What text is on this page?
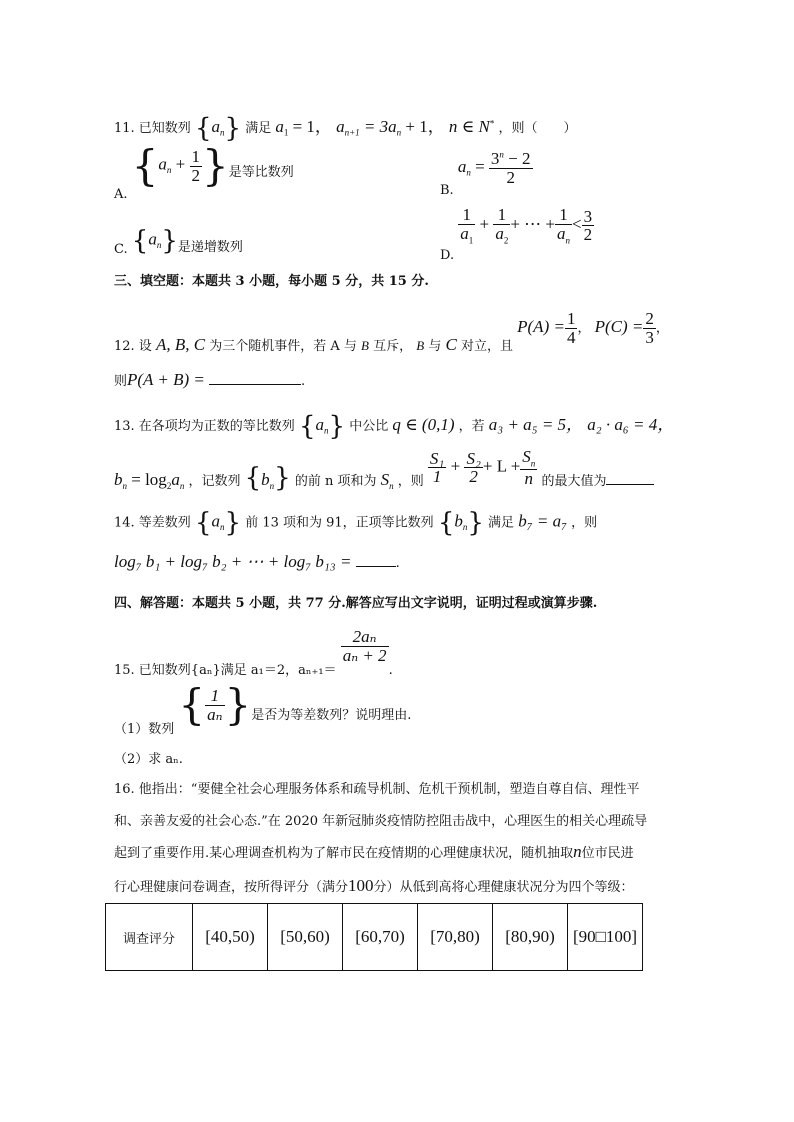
11. 已知数列 $\{a_n\}$ 满足 $a_1 = 1$， $a_{n+1} = 3a_n + 1$， n ∈ N* ，则（　　）
A. {$a_n + \frac{1}{2}$ }是等比数列
B. $a_n = \frac{3^n - 2}{2}$
C. $\{a_n\}$是递增数列
D.
$\frac{1}{a_1} + \frac{1}{a_2}$ + ⋯ + $\frac{1}{a_n} < \frac{3}{2}$
三、填空题：本题共 3 小题，每小题 5 分，共 15 分.
12. 设 A, B, C 为三个随机事件，若 A 与 B 互斥， B 与 C 对立，且 $P(A) = \frac{1}{4}$ ， $P(C) = \frac{2}{3}$ ，
则P(A + B) =	.
13. 在各项均为正数的等比数列 $\{a_n\}$ 中公比 q ∈ (0,1) ，若 a₃ + a₅ = 5， a₂ · a₆ = 4，
$b_n = \log_2a_n$ ，记数列 $\{b_n\}$ 的前 n 项和为 $S_n$ ，则 $\frac{\text{S₁}}{1} + \frac{\text{S₂}}{2} + L + \frac{S_n}{n}$ 的最大值为
14. 等差数列 $\{a_n\}$ 前 13 项和为 91，正项等比数列 $\{b_n\}$ 满足 b₇ = a₇ ，则
log₇ b₁ + log₇ b₂ + ⋯ + log₇ b₁₃ =	.
四、解答题：本题共 5 小题，共 77 分.解答应写出文字说明，证明过程或演算步骤.
15. 已知数列{aₙ}满足 a₁＝2，aₙ₊₁＝
$\frac{\text{2aₙ}}{\text{aₙ + 2}}$
.
（1）数列 { $\frac{1}{\text{aₙ}}$ }是否为等差数列？说明理由.
（2）求 aₙ.
16. 他指出：“要健全社会心理服务体系和疏导机制、危机干预机制，塑造自尊自信、理性平
和、亲善友爱的社会心态.”在 2020 年新冠肺炎疫情防控阻击战中，心理医生的相关心理疏导
起到了重要作用.某心理调查机构为了解市民在疫情期的心理健康状况，随机抽取n位市民进
行心理健康问卷调查，按所得评分（满分100分）从低到高将心理健康状况分为四个等级：
调查评分	[40,50)	[50,60)	[60,70)	[70,80)	[80,90)	[90□100]
